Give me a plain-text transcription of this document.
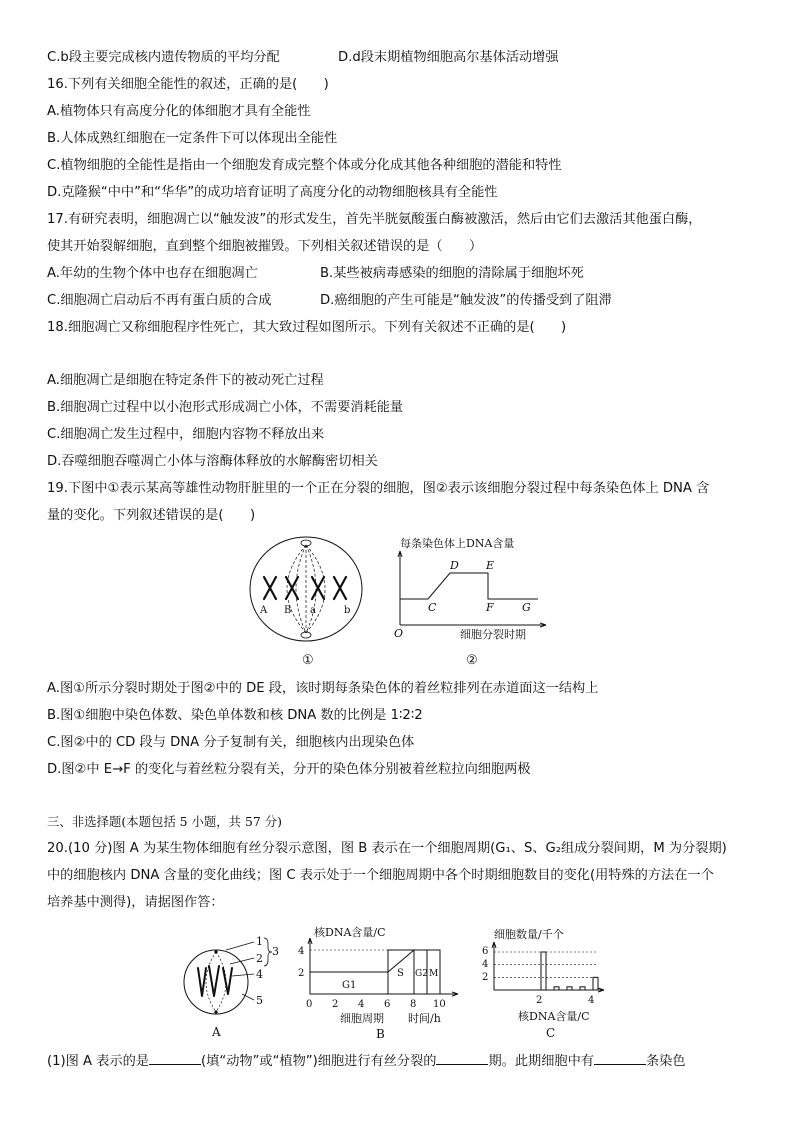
C.b段主要完成核内遗传物质的平均分配	D.d段末期植物细胞高尔基体活动增强
16.下列有关细胞全能性的叙述，正确的是(　　)
A.植物体只有高度分化的体细胞才具有全能性
B.人体成熟红细胞在一定条件下可以体现出全能性
C.植物细胞的全能性是指由一个细胞发育成完整个体或分化成其他各种细胞的潜能和特性
D.克隆猴“中中”和“华华”的成功培育证明了高度分化的动物细胞核具有全能性
17.有研究表明，细胞凋亡以“触发波”的形式发生，首先半胱氨酸蛋白酶被激活，然后由它们去激活其他蛋白酶，
使其开始裂解细胞，直到整个细胞被摧毁。下列相关叙述错误的是（　　）
A.年幼的生物个体中也存在细胞凋亡	B.某些被病毒感染的细胞的清除属于细胞坏死
C.细胞凋亡启动后不再有蛋白质的合成	D.癌细胞的产生可能是“触发波”的传播受到了阻滞
18.细胞凋亡又称细胞程序性死亡，其大致过程如图所示。下列有关叙述不正确的是(　　)
A.细胞凋亡是细胞在特定条件下的被动死亡过程
B.细胞凋亡过程中以小泡形式形成凋亡小体，不需要消耗能量
C.细胞凋亡发生过程中，细胞内容物不释放出来
D.吞噬细胞吞噬凋亡小体与溶酶体释放的水解酶密切相关
19.下图中①表示某高等雄性动物肝脏里的一个正在分裂的细胞，图②表示该细胞分裂过程中每条染色体上 DNA 含
量的变化。下列叙述错误的是(　　)
A B a	b
①
每条染色体上DNA含量
O
C
D E
F	G
细胞分裂时期
②
A.图①所示分裂时期处于图②中的 DE 段，该时期每条染色体的着丝粒排列在赤道面这一结构上
B.图①细胞中染色体数、染色单体数和核 DNA 数的比例是 1∶2∶2
C.图②中的 CD 段与 DNA 分子复制有关，细胞核内出现染色体
D.图②中 E→F 的变化与着丝粒分裂有关，分开的染色体分别被着丝粒拉向细胞两极
三、非选择题(本题包括 5 小题，共 57 分)
20.(10 分)图 A 为某生物体细胞有丝分裂示意图，图 B 表示在一个细胞周期(G₁、S、G₂组成分裂间期，M 为分裂期)
中的细胞核内 DNA 含量的变化曲线；图 C 表示处于一个细胞周期中各个时期细胞数目的变化(用特殊的方法在一个
培养基中测得)，请据图作答：
1
2
3
4
5
A
核DNA含量/C
2
4
0 2 4 6 8 10
G1
S G2 M
细胞周期 时间/h
B
细胞数量/千个
2
4
6
2	4
核DNA含量/C
C
(1)图 A 表示的是	(填“动物”或“植物”)细胞进行有丝分裂的	期。此期细胞中有	条染色
